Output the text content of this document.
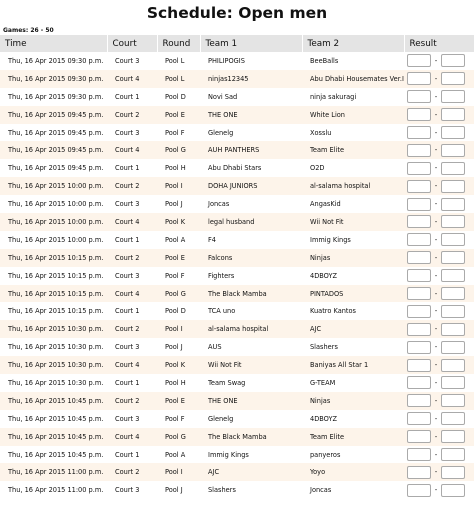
Schedule: Open men
Games: 26 - 50
Time	Court	Round	Team 1	Team 2	Result
Thu, 16 Apr 2015 09:30 p.m.	Court 3	Pool L	PHILIPOGIS	BeeBalls	-

Thu, 16 Apr 2015 09:30 p.m.	Court 4	Pool L	ninjas12345	Abu Dhabi Housemates Ver.I	-

Thu, 16 Apr 2015 09:30 p.m.	Court 1	Pool D	Novi Sad	ninja sakuragi	-

Thu, 16 Apr 2015 09:45 p.m.	Court 2	Pool E	THE ONE	White Lion	-

Thu, 16 Apr 2015 09:45 p.m.	Court 3	Pool F	Glenelg	Xosslu	-

Thu, 16 Apr 2015 09:45 p.m.	Court 4	Pool G	AUH PANTHERS	Team Elite	-

Thu, 16 Apr 2015 09:45 p.m.	Court 1	Pool H	Abu Dhabi Stars	O2D	-

Thu, 16 Apr 2015 10:00 p.m.	Court 2	Pool I	DOHA JUNIORS	al-salama hospital	-

Thu, 16 Apr 2015 10:00 p.m.	Court 3	Pool J	Joncas	AngasKid	-

Thu, 16 Apr 2015 10:00 p.m.	Court 4	Pool K	legal husband	Wii Not Fit	-

Thu, 16 Apr 2015 10:00 p.m.	Court 1	Pool A	F4	Immig Kings	-

Thu, 16 Apr 2015 10:15 p.m.	Court 2	Pool E	Falcons	Ninjas	-

Thu, 16 Apr 2015 10:15 p.m.	Court 3	Pool F	Fighters	4DBOYZ	-

Thu, 16 Apr 2015 10:15 p.m.	Court 4	Pool G	The Black Mamba	PINTADOS	-

Thu, 16 Apr 2015 10:15 p.m.	Court 1	Pool D	TCA uno	Kuatro Kantos	-

Thu, 16 Apr 2015 10:30 p.m.	Court 2	Pool I	al-salama hospital	AJC	-

Thu, 16 Apr 2015 10:30 p.m.	Court 3	Pool J	AUS	Slashers	-

Thu, 16 Apr 2015 10:30 p.m.	Court 4	Pool K	Wii Not Fit	Baniyas All Star 1	-

Thu, 16 Apr 2015 10:30 p.m.	Court 1	Pool H	Team Swag	G-TEAM	-

Thu, 16 Apr 2015 10:45 p.m.	Court 2	Pool E	THE ONE	Ninjas	-

Thu, 16 Apr 2015 10:45 p.m.	Court 3	Pool F	Glenelg	4DBOYZ	-

Thu, 16 Apr 2015 10:45 p.m.	Court 4	Pool G	The Black Mamba	Team Elite	-

Thu, 16 Apr 2015 10:45 p.m.	Court 1	Pool A	Immig Kings	panyeros	-

Thu, 16 Apr 2015 11:00 p.m.	Court 2	Pool I	AJC	Yoyo	-

Thu, 16 Apr 2015 11:00 p.m.	Court 3	Pool J	Slashers	Joncas	-
